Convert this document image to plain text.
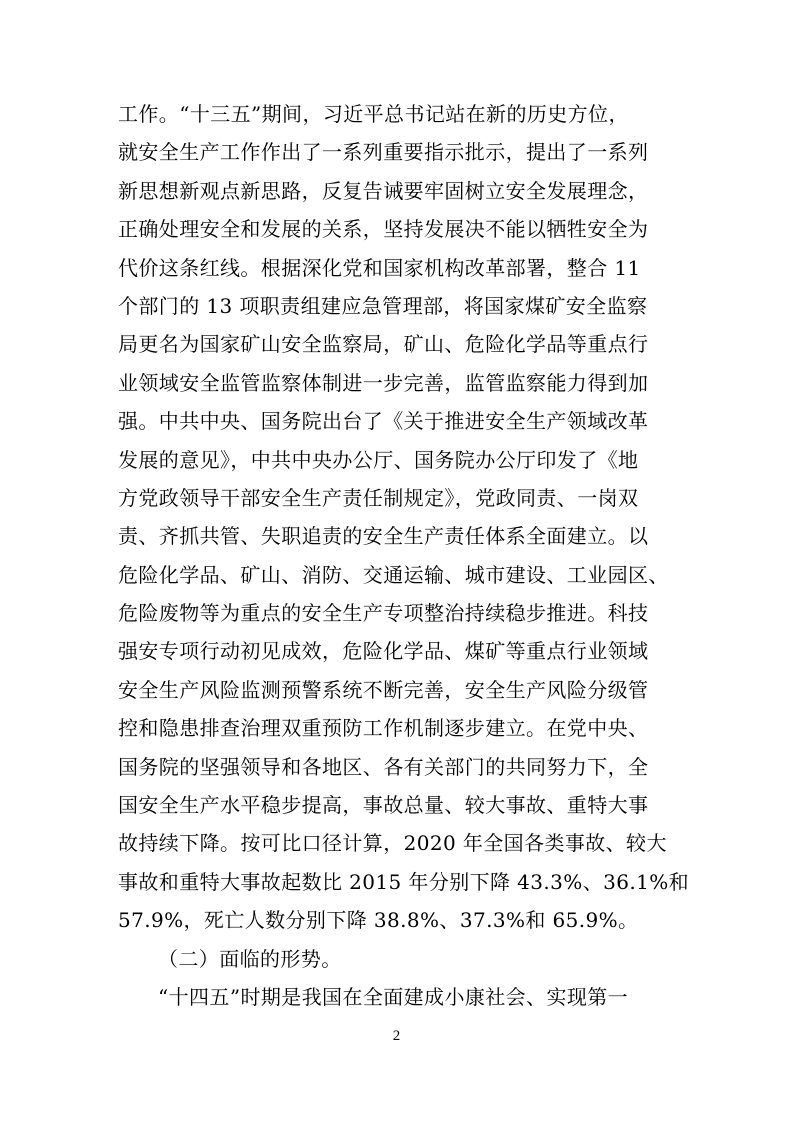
工作。“十三五”期间，习近平总书记站在新的历史方位，
就安全生产工作作出了一系列重要指示批示，提出了一系列
新思想新观点新思路，反复告诫要牢固树立安全发展理念，
正确处理安全和发展的关系，坚持发展决不能以牺牲安全为
代价这条红线。根据深化党和国家机构改革部署，整合 11
个部门的 13 项职责组建应急管理部，将国家煤矿安全监察
局更名为国家矿山安全监察局，矿山、危险化学品等重点行
业领域安全监管监察体制进一步完善，监管监察能力得到加
强。中共中央、国务院出台了《关于推进安全生产领域改革
发展的意见》，中共中央办公厅、国务院办公厅印发了《地
方党政领导干部安全生产责任制规定》，党政同责、一岗双
责、齐抓共管、失职追责的安全生产责任体系全面建立。以
危险化学品、矿山、消防、交通运输、城市建设、工业园区、
危险废物等为重点的安全生产专项整治持续稳步推进。科技
强安专项行动初见成效，危险化学品、煤矿等重点行业领域
安全生产风险监测预警系统不断完善，安全生产风险分级管
控和隐患排查治理双重预防工作机制逐步建立。在党中央、
国务院的坚强领导和各地区、各有关部门的共同努力下，全
国安全生产水平稳步提高，事故总量、较大事故、重特大事
故持续下降。按可比口径计算，2020 年全国各类事故、较大
事故和重特大事故起数比 2015 年分别下降 43.3%、36.1%和
57.9%，死亡人数分别下降 38.8%、37.3%和 65.9%。
（二）面临的形势。
“十四五”时期是我国在全面建成小康社会、实现第一
2
